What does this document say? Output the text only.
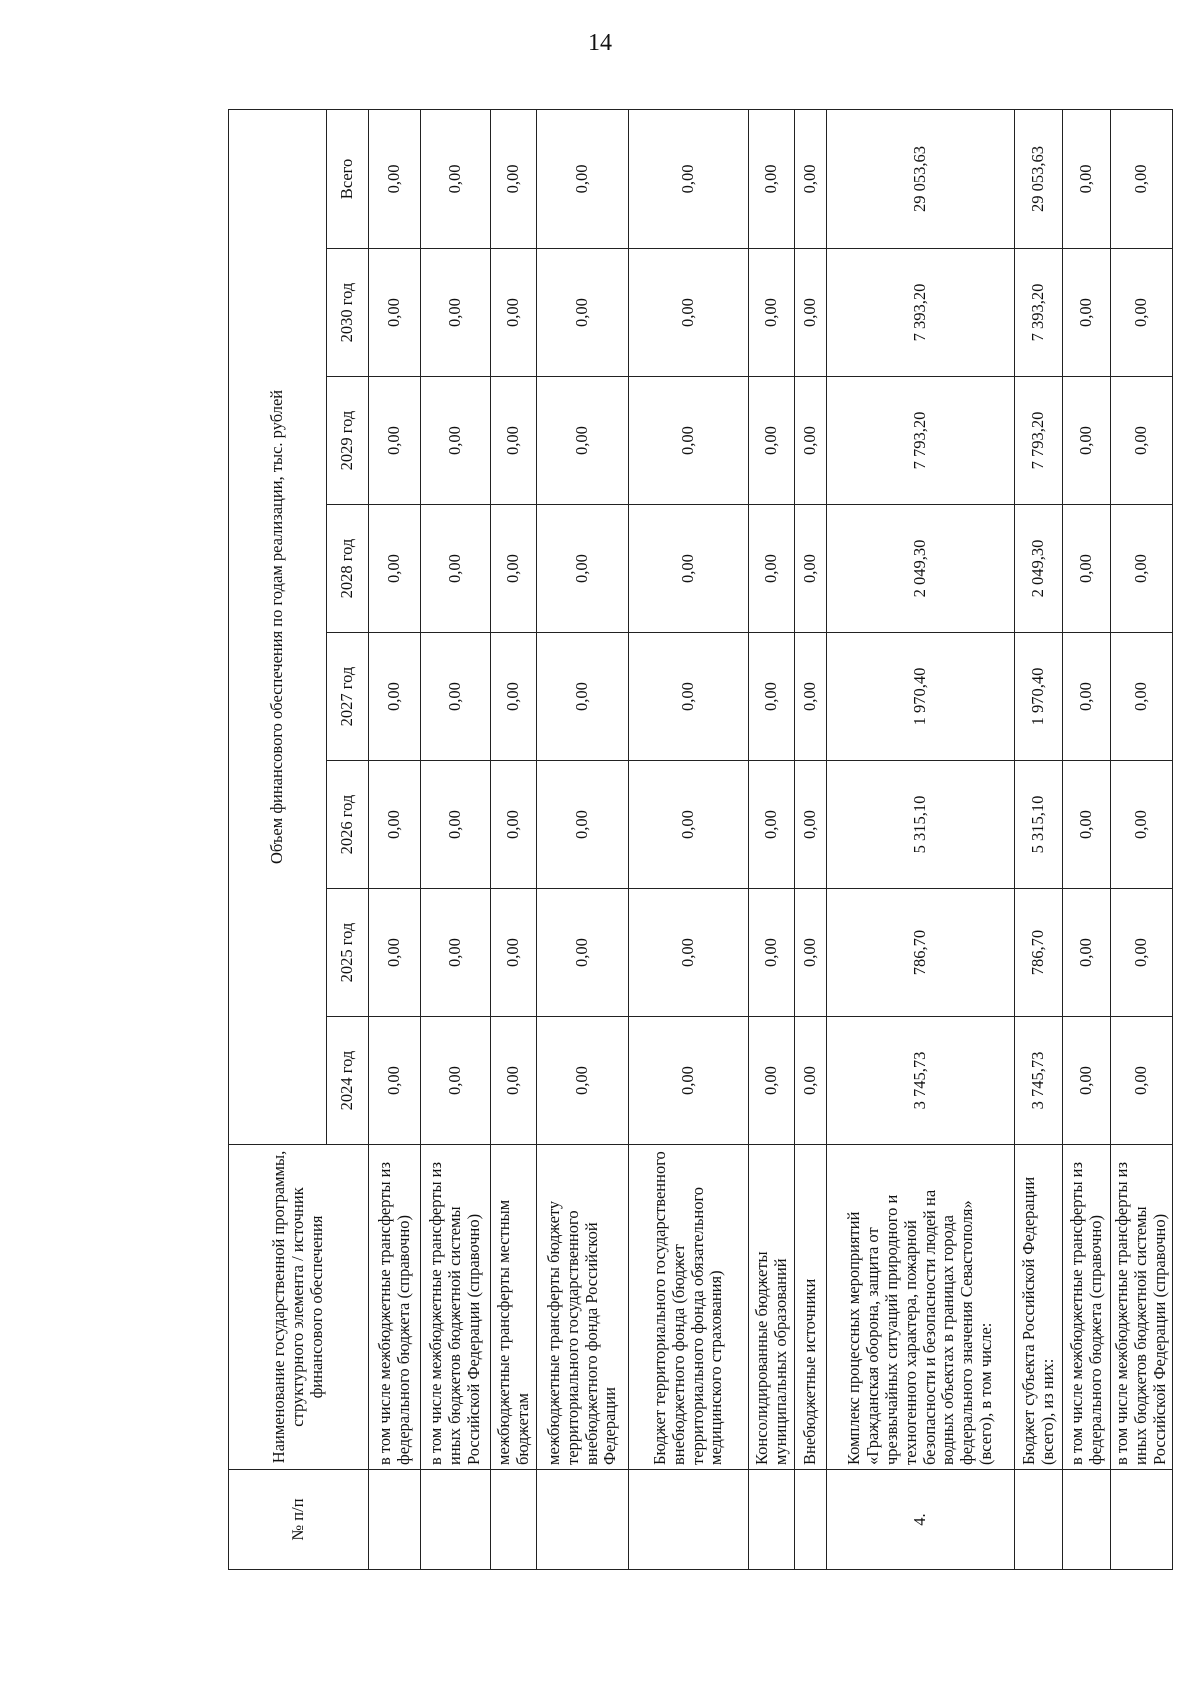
14
№ п/п	Наименование государственной программы, структурного элемента / источник финансового обеспечения	Объем финансового обеспечения по годам реализации, тыс. рублей							
		2024 год	2025 год	2026 год	2027 год	2028 год	2029 год	2030 год	Всего
	в том числе межбюджетные трансферты из федерального бюджета (справочно)	0,00	0,00	0,00	0,00	0,00	0,00	0,00	0,00
	в том числе межбюджетные трансферты из иных бюджетов бюджетной системы Российской Федерации (справочно)	0,00	0,00	0,00	0,00	0,00	0,00	0,00	0,00
	межбюджетные трансферты местным бюджетам	0,00	0,00	0,00	0,00	0,00	0,00	0,00	0,00
	межбюджетные трансферты бюджету территориального государственного внебюджетного фонда Российской Федерации	0,00	0,00	0,00	0,00	0,00	0,00	0,00	0,00
	Бюджет территориального государственного внебюджетного фонда (бюджет территориального фонда обязательного медицинского страхования)	0,00	0,00	0,00	0,00	0,00	0,00	0,00	0,00
	Консолидированные бюджеты муниципальных образований	0,00	0,00	0,00	0,00	0,00	0,00	0,00	0,00
	Внебюджетные источники	0,00	0,00	0,00	0,00	0,00	0,00	0,00	0,00
4.	Комплекс процессных мероприятий «Гражданская оборона, защита от чрезвычайных ситуаций природного и техногенного характера, пожарной безопасности и безопасности людей на водных объектах в границах города федерального значения Севастополя» (всего), в том числе:	3 745,73	786,70	5 315,10	1 970,40	2 049,30	7 793,20	7 393,20	29 053,63
	Бюджет субъекта Российской Федерации (всего), из них:	3 745,73	786,70	5 315,10	1 970,40	2 049,30	7 793,20	7 393,20	29 053,63
	в том числе межбюджетные трансферты из федерального бюджета (справочно)	0,00	0,00	0,00	0,00	0,00	0,00	0,00	0,00
	в том числе межбюджетные трансферты из иных бюджетов бюджетной системы Российской Федерации (справочно)	0,00	0,00	0,00	0,00	0,00	0,00	0,00	0,00
